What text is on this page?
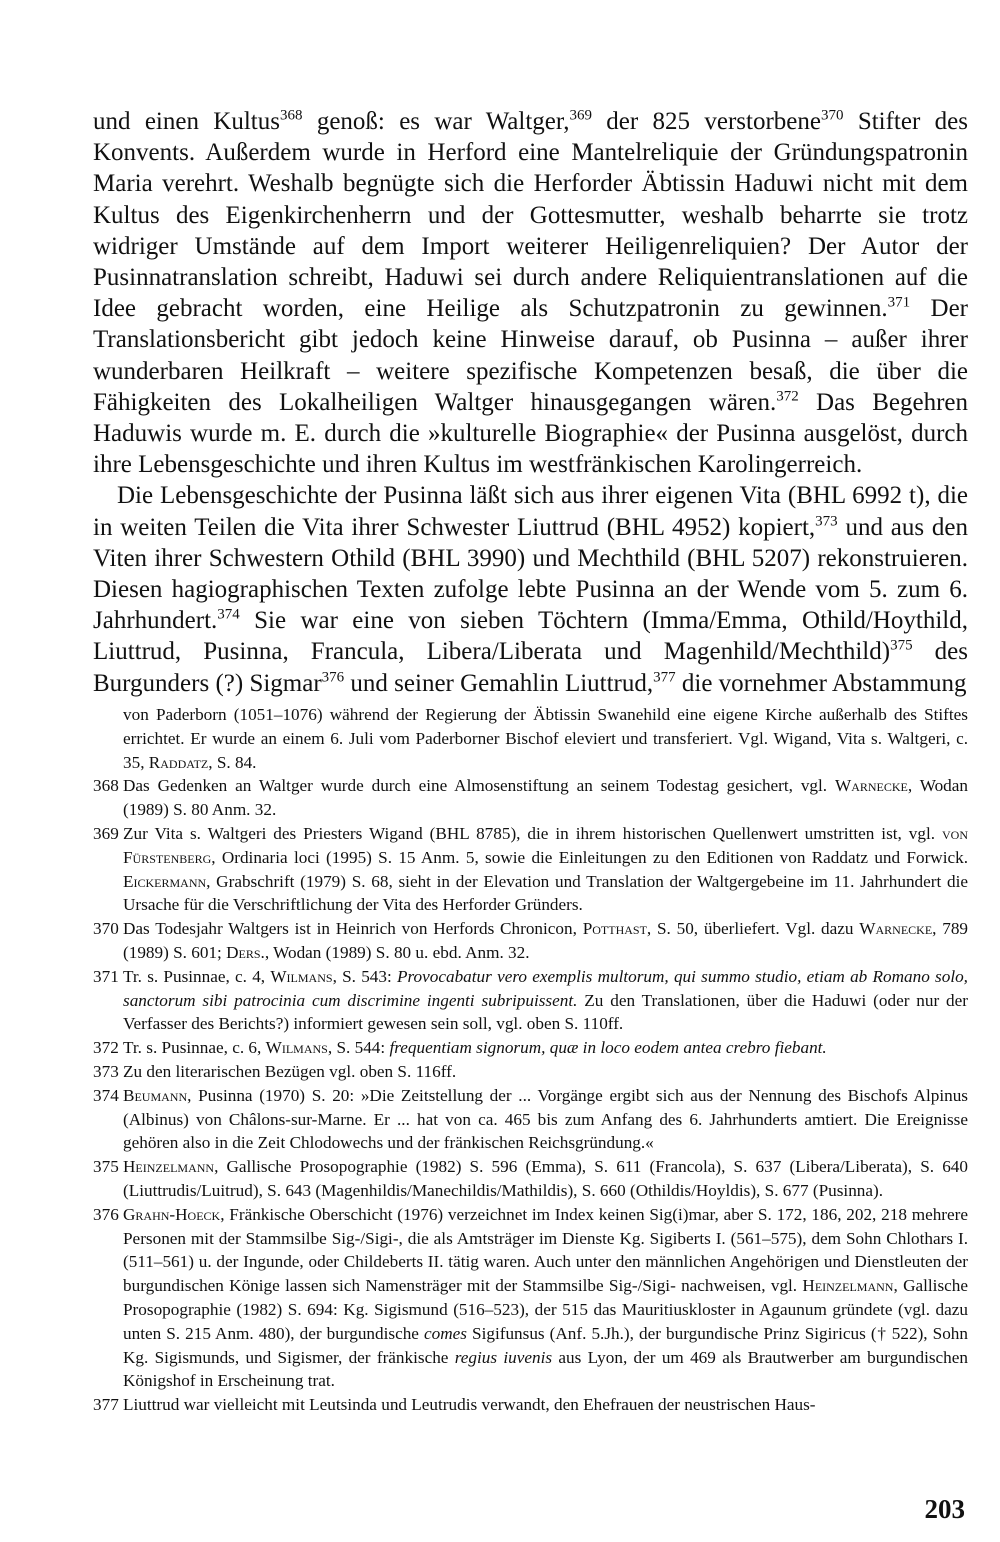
und einen Kultus$^{368}$ genoß: es war Waltger,$^{369}$ der 825 verstorbene$^{370}$ Stifter des Konvents. Außerdem wurde in Herford eine Mantelreliquie der Gründungspatronin Maria verehrt. Weshalb begnügte sich die Herforder Äbtissin Haduwi nicht mit dem Kultus des Eigenkirchenherrn und der Gottesmutter, weshalb beharrte sie trotz widriger Umstände auf dem Import weiterer Heiligenreliquien? Der Autor der Pusinnatranslation schreibt, Haduwi sei durch andere Reliquientranslationen auf die Idee gebracht worden, eine Heilige als Schutzpatronin zu gewinnen.$^{371}$ Der Translationsbericht gibt jedoch keine Hinweise darauf, ob Pusinna – außer ihrer wunderbaren Heilkraft – weitere spezifische Kompetenzen besaß, die über die Fähigkeiten des Lokalheiligen Waltger hinausgegangen wären.$^{372}$ Das Begehren Haduwis wurde m. E. durch die »kulturelle Biographie« der Pusinna ausgelöst, durch ihre Lebensgeschichte und ihren Kultus im westfränkischen Karolingerreich.

Die Lebensgeschichte der Pusinna läßt sich aus ihrer eigenen Vita (BHL 6992 t), die in weiten Teilen die Vita ihrer Schwester Liuttrud (BHL 4952) kopiert,$^{373}$ und aus den Viten ihrer Schwestern Othild (BHL 3990) und Mechthild (BHL 5207) rekonstruieren. Diesen hagiographischen Texten zufolge lebte Pusinna an der Wende vom 5. zum 6. Jahrhundert.$^{374}$ Sie war eine von sieben Töchtern (Imma/Emma, Othild/Hoythild, Liuttrud, Pusinna, Francula, Libera/Liberata und Magenhild/Mechthild)$^{375}$ des Burgunders (?) Sigmar$^{376}$ und seiner Gemahlin Liuttrud,$^{377}$ die vornehmer Abstammung

von Paderborn (1051–1076) während der Regierung der Äbtissin Swanehild eine eigene Kirche außerhalb des Stiftes errichtet. Er wurde an einem 6. Juli vom Paderborner Bischof eleviert und transferiert. Vgl. Wigand, Vita s. Waltgeri, c. 35, Raddatz, S. 84.
368 Das Gedenken an Waltger wurde durch eine Almosenstiftung an seinem Todestag gesichert, vgl. Warnecke, Wodan (1989) S. 80 Anm. 32.
369 Zur Vita s. Waltgeri des Priesters Wigand (BHL 8785), die in ihrem historischen Quellenwert umstritten ist, vgl. von Fürstenberg, Ordinaria loci (1995) S. 15 Anm. 5, sowie die Einleitungen zu den Editionen von Raddatz und Forwick. Eickermann, Grabschrift (1979) S. 68, sieht in der Elevation und Translation der Waltgergebeine im 11. Jahrhundert die Ursache für die Verschriftlichung der Vita des Herforder Gründers.
370 Das Todesjahr Waltgers ist in Heinrich von Herfords Chronicon, Potthast, S. 50, überliefert. Vgl. dazu Warnecke, 789 (1989) S. 601; Ders., Wodan (1989) S. 80 u. ebd. Anm. 32.
371 Tr. s. Pusinnae, c. 4, Wilmans, S. 543: Provocabatur vero exemplis multorum, qui summo studio, etiam ab Romano solo, sanctorum sibi patrocinia cum discrimine ingenti subripuissent. Zu den Translationen, über die Haduwi (oder nur der Verfasser des Berichts?) informiert gewesen sein soll, vgl. oben S. 110ff.
372 Tr. s. Pusinnae, c. 6, Wilmans, S. 544: frequentiam signorum, quæ in loco eodem antea crebro fiebant.
373 Zu den literarischen Bezügen vgl. oben S. 116ff.
374 Beumann, Pusinna (1970) S. 20: »Die Zeitstellung der ... Vorgänge ergibt sich aus der Nennung des Bischofs Alpinus (Albinus) von Châlons-sur-Marne. Er ... hat von ca. 465 bis zum Anfang des 6. Jahrhunderts amtiert. Die Ereignisse gehören also in die Zeit Chlodowechs und der fränkischen Reichsgründung.«
375 Heinzelmann, Gallische Prosopographie (1982) S. 596 (Emma), S. 611 (Francola), S. 637 (Libera/Liberata), S. 640 (Liuttrudis/Luitrud), S. 643 (Magenhildis/Manechildis/Mathildis), S. 660 (Othildis/Hoyldis), S. 677 (Pusinna).
376 Grahn-Hoeck, Fränkische Oberschicht (1976) verzeichnet im Index keinen Sig(i)mar, aber S. 172, 186, 202, 218 mehrere Personen mit der Stammsilbe Sig-/Sigi-, die als Amtsträger im Dienste Kg. Sigiberts I. (561–575), dem Sohn Chlothars I. (511–561) u. der Ingunde, oder Childeberts II. tätig waren. Auch unter den männlichen Angehörigen und Dienstleuten der burgundischen Könige lassen sich Namensträger mit der Stammsilbe Sig-/Sigi- nachweisen, vgl. Heinzelmann, Gallische Prosopographie (1982) S. 694: Kg. Sigismund (516–523), der 515 das Mauritiuskloster in Agaunum gründete (vgl. dazu unten S. 215 Anm. 480), der burgundische comes Sigifunsus (Anf. 5.Jh.), der burgundische Prinz Sigiricus († 522), Sohn Kg. Sigismunds, und Sigismer, der fränkische regius iuvenis aus Lyon, der um 469 als Brautwerber am burgundischen Königshof in Erscheinung trat.
377 Liuttrud war vielleicht mit Leutsinda und Leutrudis verwandt, den Ehefrauen der neustrischen Haus-
203
